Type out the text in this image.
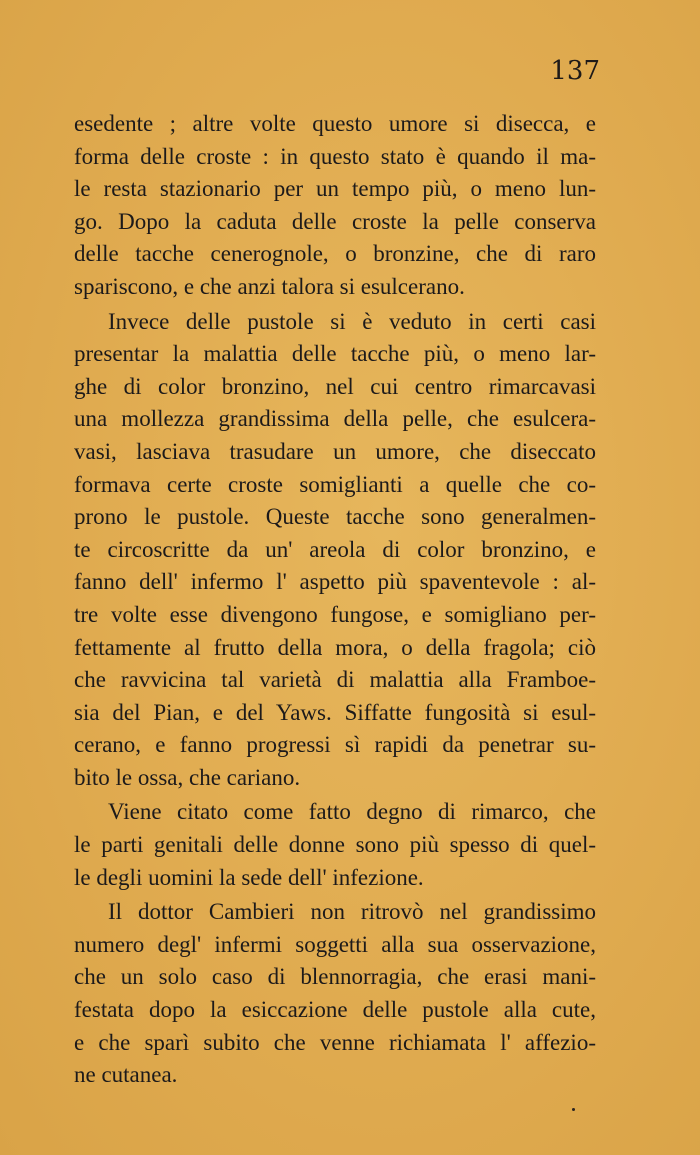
137
esedente ; altre volte questo umore si disecca, e
forma delle croste : in questo stato è quando il ma-
le resta stazionario per un tempo più, o meno lun-
go. Dopo la caduta delle croste la pelle conserva
delle tacche cenerognole, o bronzine, che di raro
spariscono, e che anzi talora si esulcerano.
Invece delle pustole si è veduto in certi casi
presentar la malattia delle tacche più, o meno lar-
ghe di color bronzino, nel cui centro rimarcavasi
una mollezza grandissima della pelle, che esulcera-
vasi, lasciava trasudare un umore, che diseccato
formava certe croste somiglianti a quelle che co-
prono le pustole. Queste tacche sono generalmen-
te circoscritte da un' areola di color bronzino, e
fanno dell' infermo l' aspetto più spaventevole : al-
tre volte esse divengono fungose, e somigliano per-
fettamente al frutto della mora, o della fragola; ciò
che ravvicina tal varietà di malattia alla Framboe-
sia del Pian, e del Yaws. Siffatte fungosità si esul-
cerano, e fanno progressi sì rapidi da penetrar su-
bito le ossa, che cariano.
Viene citato come fatto degno di rimarco, che
le parti genitali delle donne sono più spesso di quel-
le degli uomini la sede dell' infezione.
Il dottor Cambieri non ritrovò nel grandissimo
numero degl' infermi soggetti alla sua osservazione,
che un solo caso di blennorragia, che erasi mani-
festata dopo la esiccazione delle pustole alla cute,
e che sparì subito che venne richiamata l' affezio-
ne cutanea.
